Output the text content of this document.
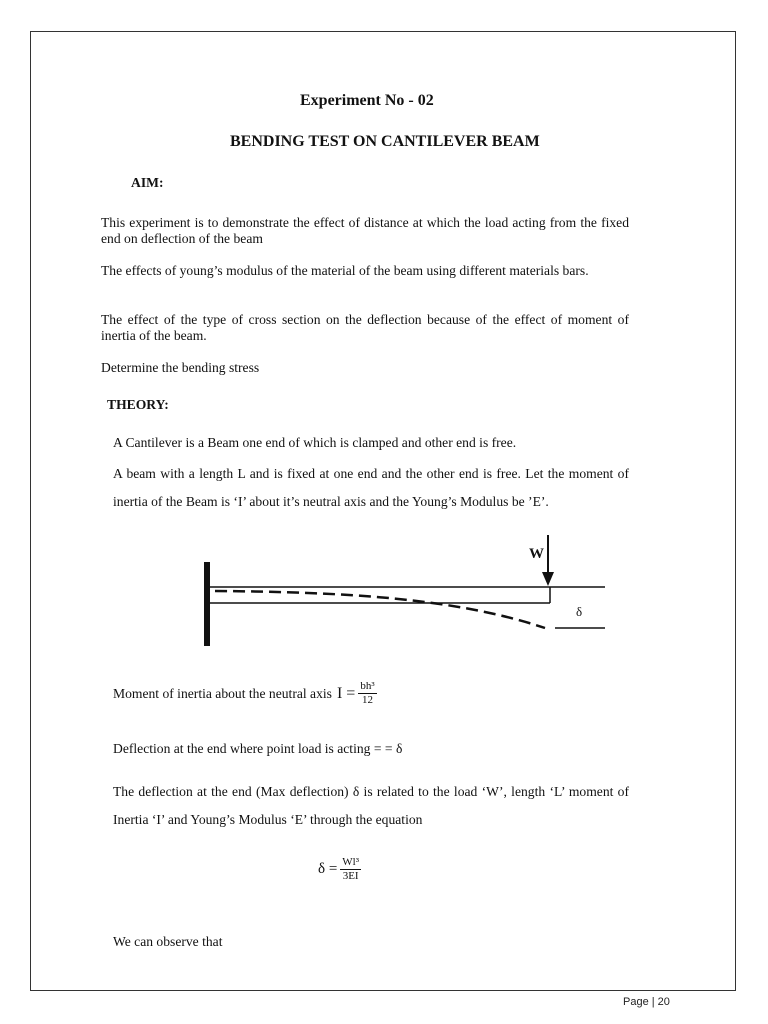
Experiment No - 02
BENDING TEST ON CANTILEVER BEAM
AIM:
This experiment is to demonstrate the effect of distance at which the load acting from the fixed end on deflection of the beam
The effects of young’s modulus of the material of the beam using different materials bars.
The effect of the type of cross section on the deflection because of the effect of moment of inertia of the beam.
Determine the bending stress
THEORY:
A Cantilever is a Beam one end of which is clamped and other end is free.
A beam with a length L and is fixed at one end and the other end is free. Let the moment of inertia of the Beam is ‘I’ about it’s neutral axis and the Young’s Modulus be ’E’.
W
δ
Moment of inertia about the neutral axis $I = \frac{\text{bh³}}{12}$
Deflection at the end where point load is acting = = δ
The deflection at the end (Max deflection) δ is related to the load ‘W’, length ‘L’ moment of Inertia ‘I’ and Young’s Modulus ‘E’ through the equation
$\delta = \frac{\text{Wl³}}{3EI}$
We can observe that
Page | 20
